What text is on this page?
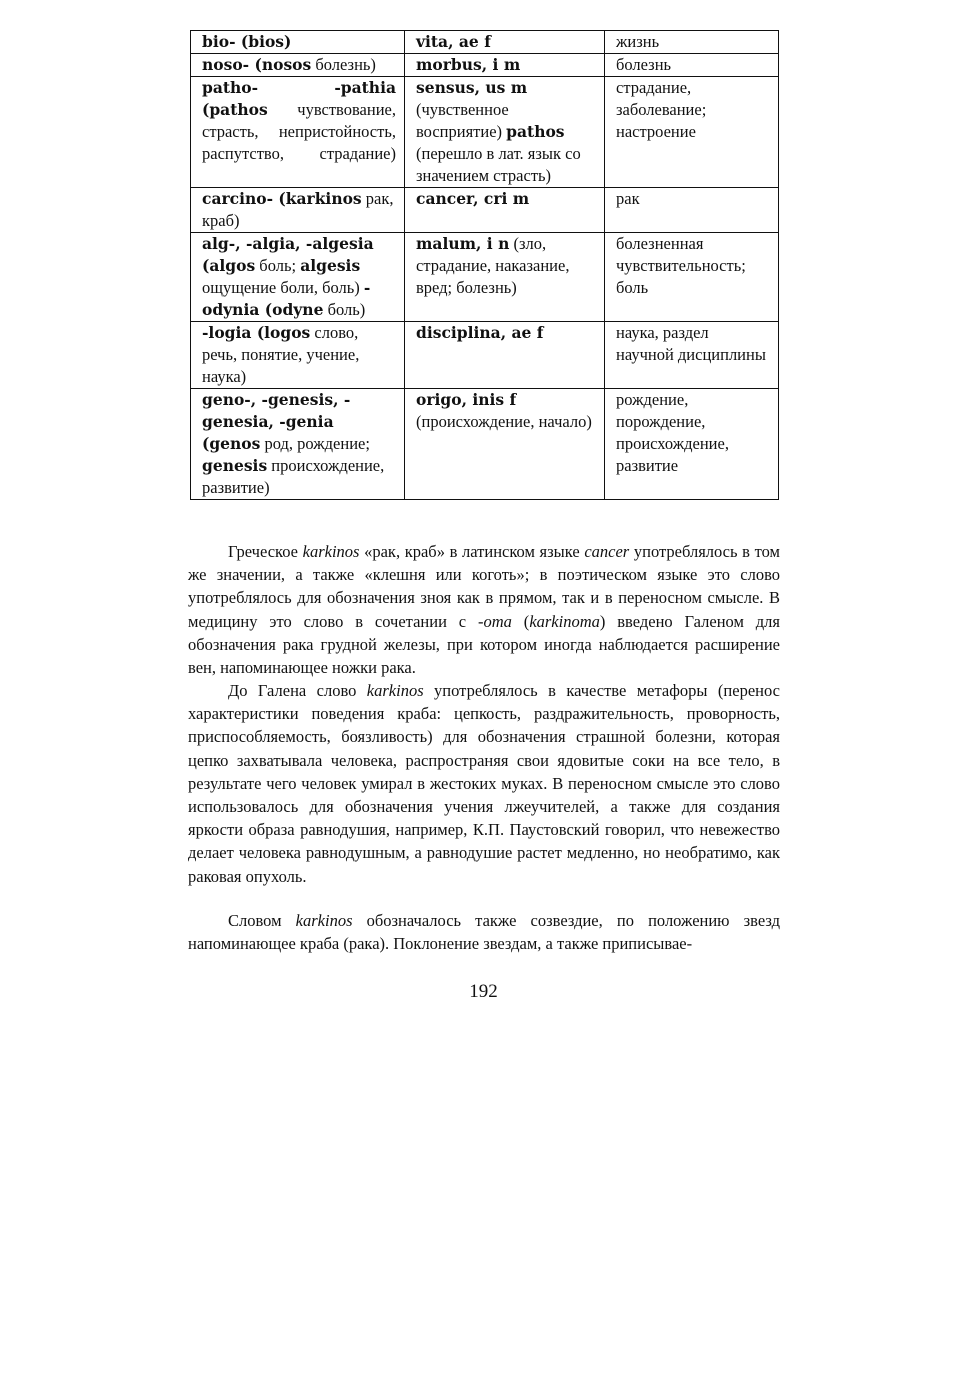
bio- (bios)	vita, ae f	жизнь
noso- (nosos болезнь)	morbus, i m	болезнь
patho- -pathia (pathos чувствование, страсть, непристойность, распутство, страдание)	sensus, us m (чувственное восприятие) pathos (перешло в лат. язык со значением страсть)	страдание, заболевание; настроение
carcino- (karkinos рак, краб)	cancer, cri m	рак
alg-, -algia, -algesia (algos боль; algesis ощущение боли, боль) -odynia (odyne боль)	malum, i n (зло, страдание, наказание, вред; болезнь)	болезненная чувствительность; боль
-logia (logos слово, речь, понятие, учение, наука)	disciplina, ae f	наука, раздел научной дисциплины
geno-, -genesis, -genesia, -genia (genos род, рождение; genesis происхождение, развитие)	origo, inis f (происхождение, начало)	рождение, порождение, происхождение, развитие

Греческое karkinos «рак, краб» в латинском языке cancer употреблялось в том же значении, а также «клешня или коготь»; в поэтическом языке это слово употреблялось для обозначения зноя как в прямом, так и в переносном смысле. В медицину это слово в сочетании с -oma (karkinoma) введено Галеном для обозначения рака грудной железы, при котором иногда наблюдается расширение вен, напоминающее ножки рака.

До Галена слово karkinos употреблялось в качестве метафоры (перенос характеристики поведения краба: цепкость, раздражительность, проворность, приспособляемость, боязливость) для обозначения страшной болезни, которая цепко захватывала человека, распространяя свои ядовитые соки на все тело, в результате чего человек умирал в жестоких муках. В переносном смысле это слово использовалось для обозначения учения лжеучителей, а также для создания яркости образа равнодушия, например, К.П. Паустовский говорил, что невежество делает человека равнодушным, а равнодушие растет медленно, но необратимо, как раковая опухоль.

Словом karkinos обозначалось также созвездие, по положению звезд напоминающее краба (рака). Поклонение звездам, а также приписывае-

192
